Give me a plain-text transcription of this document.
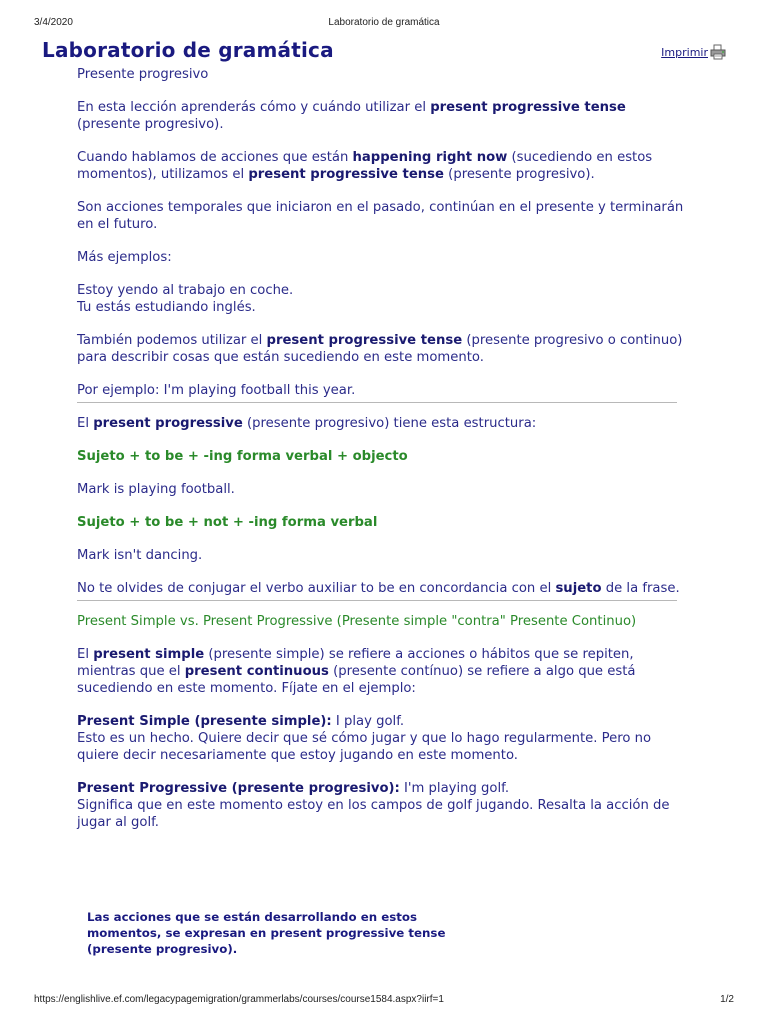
3/4/2020	Laboratorio de gramática
Laboratorio de gramática	Imprimir

Presente progresivo

En esta lección aprenderás cómo y cuándo utilizar el present progressive tense (presente progresivo).

Cuando hablamos de acciones que están happening right now (sucediendo en estos momentos), utilizamos el present progressive tense (presente progresivo).

Son acciones temporales que iniciaron en el pasado, continúan en el presente y terminarán en el futuro.

Más ejemplos:

Estoy yendo al trabajo en coche.
Tu estás estudiando inglés.

También podemos utilizar el present progressive tense (presente progresivo o continuo) para describir cosas que están sucediendo en este momento.

Por ejemplo: I'm playing football this year.

El present progressive (presente progresivo) tiene esta estructura:

Sujeto + to be + -ing forma verbal + objecto

Mark is playing football.

Sujeto + to be + not + -ing forma verbal

Mark isn't dancing.

No te olvides de conjugar el verbo auxiliar to be en concordancia con el sujeto de la frase.

Present Simple vs. Present Progressive (Presente simple "contra" Presente Continuo)

El present simple (presente simple) se refiere a acciones o hábitos que se repiten, mientras que el present continuous (presente contínuo) se refiere a algo que está sucediendo en este momento. Fíjate en el ejemplo:

Present Simple (presente simple): I play golf.
Esto es un hecho. Quiere decir que sé cómo jugar y que lo hago regularmente. Pero no quiere decir necesariamente que estoy jugando en este momento.

Present Progressive (presente progresivo): I'm playing golf.
Significa que en este momento estoy en los campos de golf jugando. Resalta la acción de jugar al golf.

Las acciones que se están desarrollando en estos momentos, se expresan en present progressive tense (presente progresivo).
https://englishlive.ef.com/legacypagemigration/grammerlabs/courses/course1584.aspx?iirf=1	1/2
